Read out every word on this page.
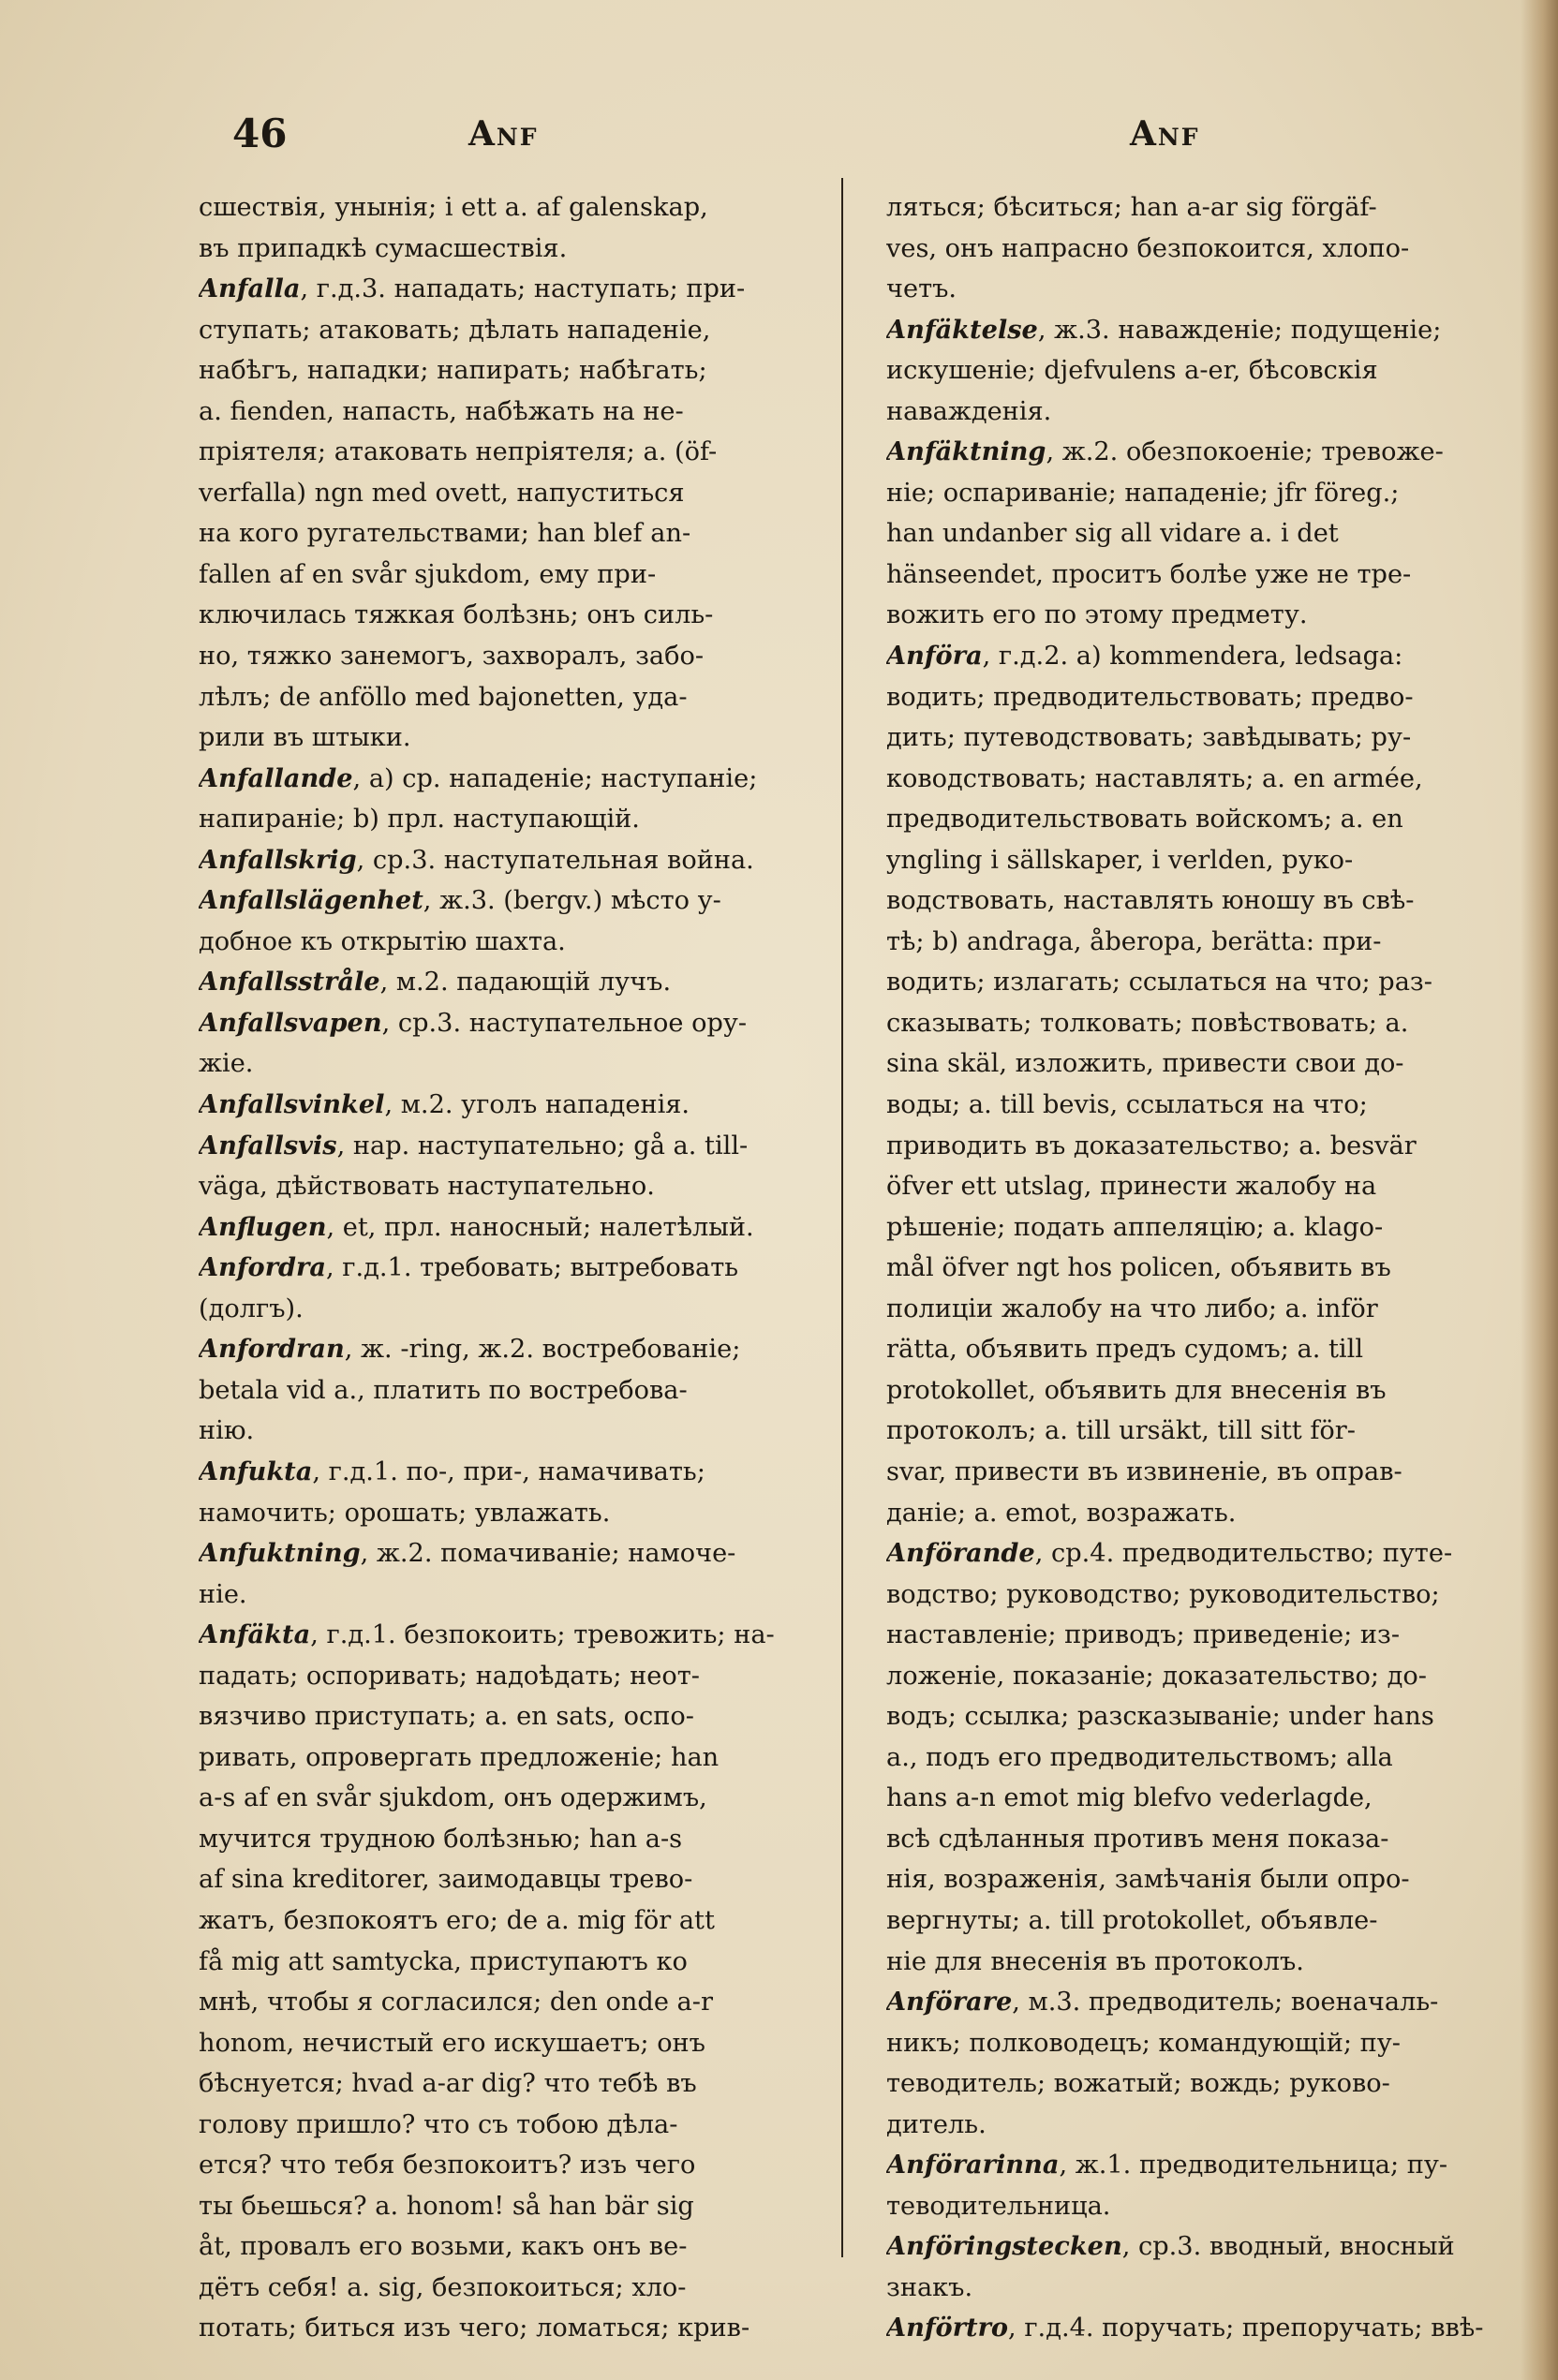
46	Anf	Anf
сшествія, унынія; i ett a. af galenskap,
въ припадкѣ сумасшествія.
Anfalla, г.д.3. нападать; наступать; при-
ступать; атаковать; дѣлать нападеніе,
набѣгъ, нападки; напирать; набѣгать;
a. fienden, напасть, набѣжать на не-
пріятеля; атаковать непріятеля; a. (öf-
verfalla) ngn med ovett, напуститься
на кого ругательствами; han blef an-
fallen af en svår sjukdom, ему при-
ключилась тяжкая болѣзнь; онъ силь-
но, тяжко занемогъ, захворалъ, забо-
лѣлъ; de anföllo med bajonetten, уда-
рили въ штыки.
Anfallande, a) ср. нападеніе; наступаніе;
напираніе; b) прл. наступающій.
Anfallskrig, ср.3. наступательная война.
Anfallslägenhet, ж.3. (bergv.) мѣсто у-
добное къ открытію шахта.
Anfallsstråle, м.2. падающій лучъ.
Anfallsvapen, ср.3. наступательное ору-
жіе.
Anfallsvinkel, м.2. уголъ нападенія.
Anfallsvis, нар. наступательно; gå a. till-
väga, дѣйствовать наступательно.
Anflugen, et, прл. наносный; налетѣлый.
Anfordra, г.д.1. требовать; вытребовать
(долгъ).
Anfordran, ж. -ring, ж.2. востребованіе;
betala vid a., платить по востребова-
нію.
Anfukta, г.д.1. по-, при-, намачивать;
намочить; орошать; увлажать.
Anfuktning, ж.2. помачиваніе; намоче-
ніе.
Anfäkta, г.д.1. безпокоить; тревожить; на-
падать; оспоривать; надоѣдать; неот-
вязчиво приступать; a. en sats, оспо-
ривать, опровергать предложеніе; han
a-s af en svår sjukdom, онъ одержимъ,
мучится трудною болѣзнью; han a-s
af sina kreditorer, заимодавцы трево-
жатъ, безпокоятъ его; de a. mig för att
få mig att samtycka, приступаютъ ко
мнѣ, чтобы я согласился; den onde a-r
honom, нечистый его искушаетъ; онъ
бѣснуется; hvad a-ar dig? что тебѣ въ
голову пришло? что съ тобою дѣла-
ется? что тебя безпокоитъ? изъ чего
ты бьешься? a. honom! så han bär sig
åt, провалъ его возьми, какъ онъ ве-
дётъ себя! a. sig, безпокоиться; хло-
потать; биться изъ чего; ломаться; крив-
ляться; бѣситься; han a-ar sig förgäf-
ves, онъ напрасно безпокоится, хлопо-
четъ.
Anfäktelse, ж.3. наважденіе; подущеніе;
искушеніе; djefvulens a-er, бѣсовскія
наважденія.
Anfäktning, ж.2. обезпокоеніе; тревоже-
ніе; оспариваніе; нападеніе; jfr föreg.;
han undanber sig all vidare a. i det
hänseendet, проситъ болѣе уже не тре-
вожить его по этому предмету.
Anföra, г.д.2. a) kommendera, ledsaga:
водить; предводительствовать; предво-
дить; путеводствовать; завѣдывать; ру-
ководствовать; наставлять; a. en armée,
предводительствовать войскомъ; a. en
yngling i sällskaper, i verlden, руко-
водствовать, наставлять юношу въ свѣ-
тѣ; b) andraga, åberopa, berätta: при-
водить; излагать; ссылаться на что; раз-
сказывать; толковать; повѣствовать; a.
sina skäl, изложить, привести свои до-
воды; a. till bevis, ссылаться на что;
приводить въ доказательство; a. besvär
öfver ett utslag, принести жалобу на
рѣшеніе; подать аппеляцію; a. klago-
mål öfver ngt hos policen, объявить въ
полиціи жалобу на что либо; a. inför
rätta, объявить предъ судомъ; a. till
protokollet, объявить для внесенія въ
протоколъ; a. till ursäkt, till sitt för-
svar, привести въ извиненіе, въ оправ-
даніе; a. emot, возражать.
Anförande, ср.4. предводительство; путе-
водство; руководство; руководительство;
наставленіе; приводъ; приведеніе; из-
ложеніе, показаніе; доказательство; до-
водъ; ссылка; разсказываніе; under hans
a., подъ его предводительствомъ; alla
hans a-n emot mig blefvo vederlagde,
всѣ сдѣланныя противъ меня показа-
нія, возраженія, замѣчанія были опро-
вергнуты; a. till protokollet, объявле-
ніе для внесенія въ протоколъ.
Anförare, м.3. предводитель; военачаль-
никъ; полководецъ; командующій; пу-
теводитель; вожатый; вождь; руково-
дитель.
Anförarinna, ж.1. предводительница; пу-
теводительница.
Anföringstecken, ср.3. вводный, вносный
знакъ.
Anförtro, г.д.4. поручать; препоручать; ввѣ-
